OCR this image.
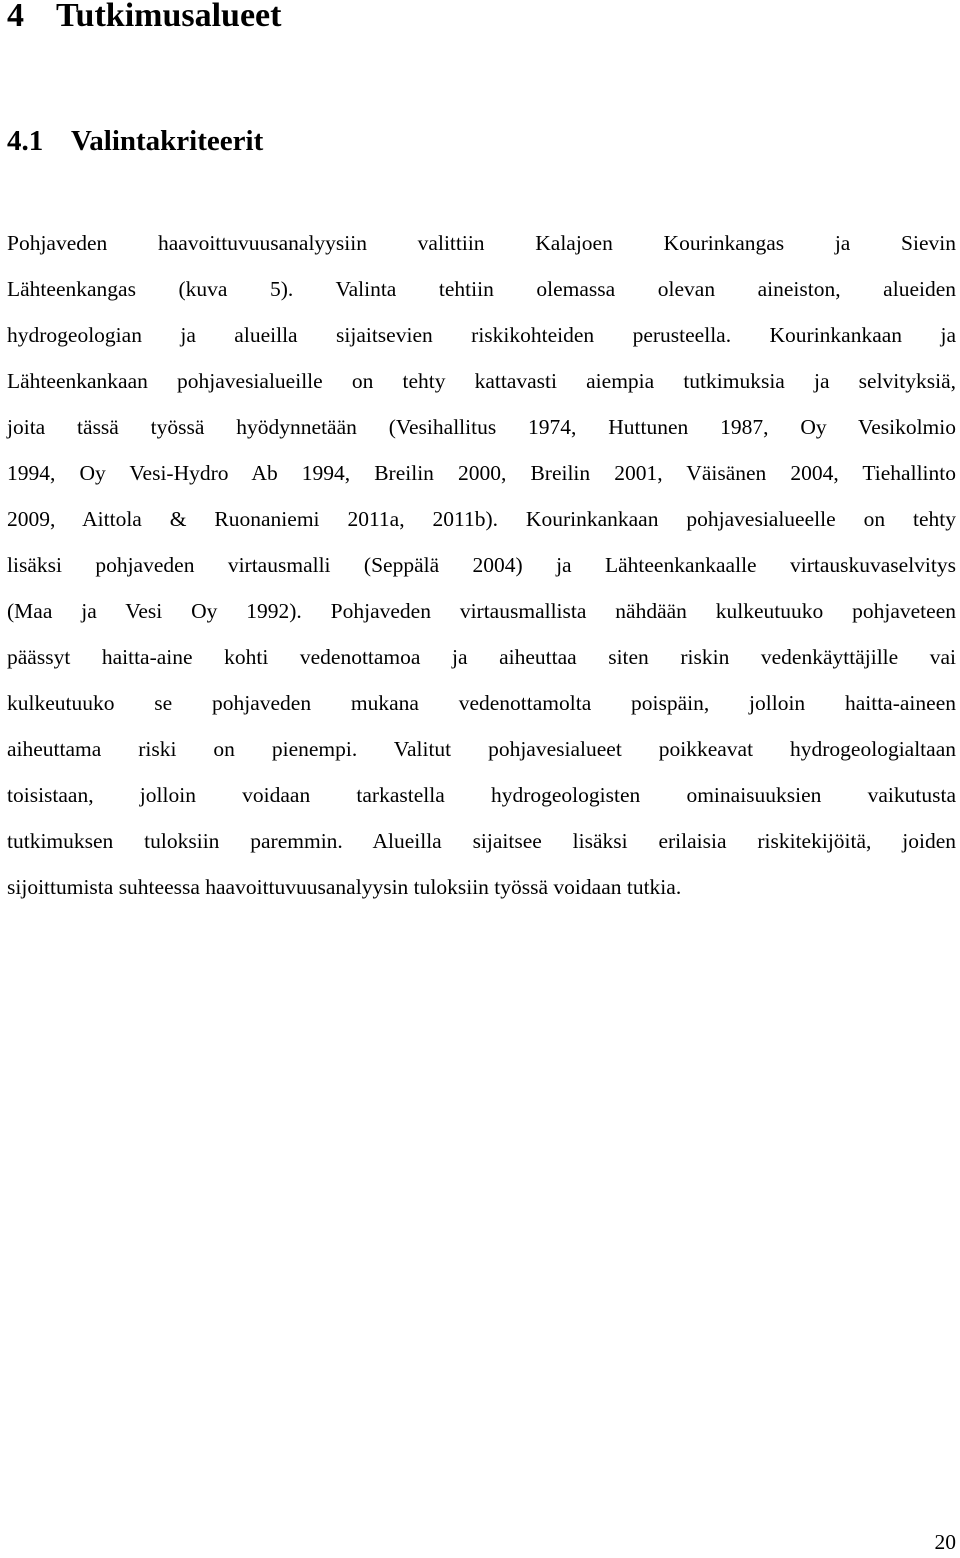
4 Tutkimusalueet
4.1 Valintakriteerit
Pohjaveden haavoittuvuusanalyysiin valittiin Kalajoen Kourinkangas ja Sievin
Lähteenkangas (kuva 5). Valinta tehtiin olemassa olevan aineiston, alueiden
hydrogeologian ja alueilla sijaitsevien riskikohteiden perusteella. Kourinkankaan ja
Lähteenkankaan pohjavesialueille on tehty kattavasti aiempia tutkimuksia ja selvityksiä,
joita tässä työssä hyödynnetään (Vesihallitus 1974, Huttunen 1987, Oy Vesikolmio
1994, Oy Vesi-Hydro Ab 1994, Breilin 2000, Breilin 2001, Väisänen 2004, Tiehallinto
2009, Aittola & Ruonaniemi 2011a, 2011b). Kourinkankaan pohjavesialueelle on tehty
lisäksi pohjaveden virtausmalli (Seppälä 2004) ja Lähteenkankaalle virtauskuvaselvitys
(Maa ja Vesi Oy 1992). Pohjaveden virtausmallista nähdään kulkeutuuko pohjaveteen
päässyt haitta-aine kohti vedenottamoa ja aiheuttaa siten riskin vedenkäyttäjille vai
kulkeutuuko se pohjaveden mukana vedenottamolta poispäin, jolloin haitta-aineen
aiheuttama riski on pienempi. Valitut pohjavesialueet poikkeavat hydrogeologialtaan
toisistaan, jolloin voidaan tarkastella hydrogeologisten ominaisuuksien vaikutusta
tutkimuksen tuloksiin paremmin. Alueilla sijaitsee lisäksi erilaisia riskitekijöitä, joiden
sijoittumista suhteessa haavoittuvuusanalyysin tuloksiin työssä voidaan tutkia.
20
